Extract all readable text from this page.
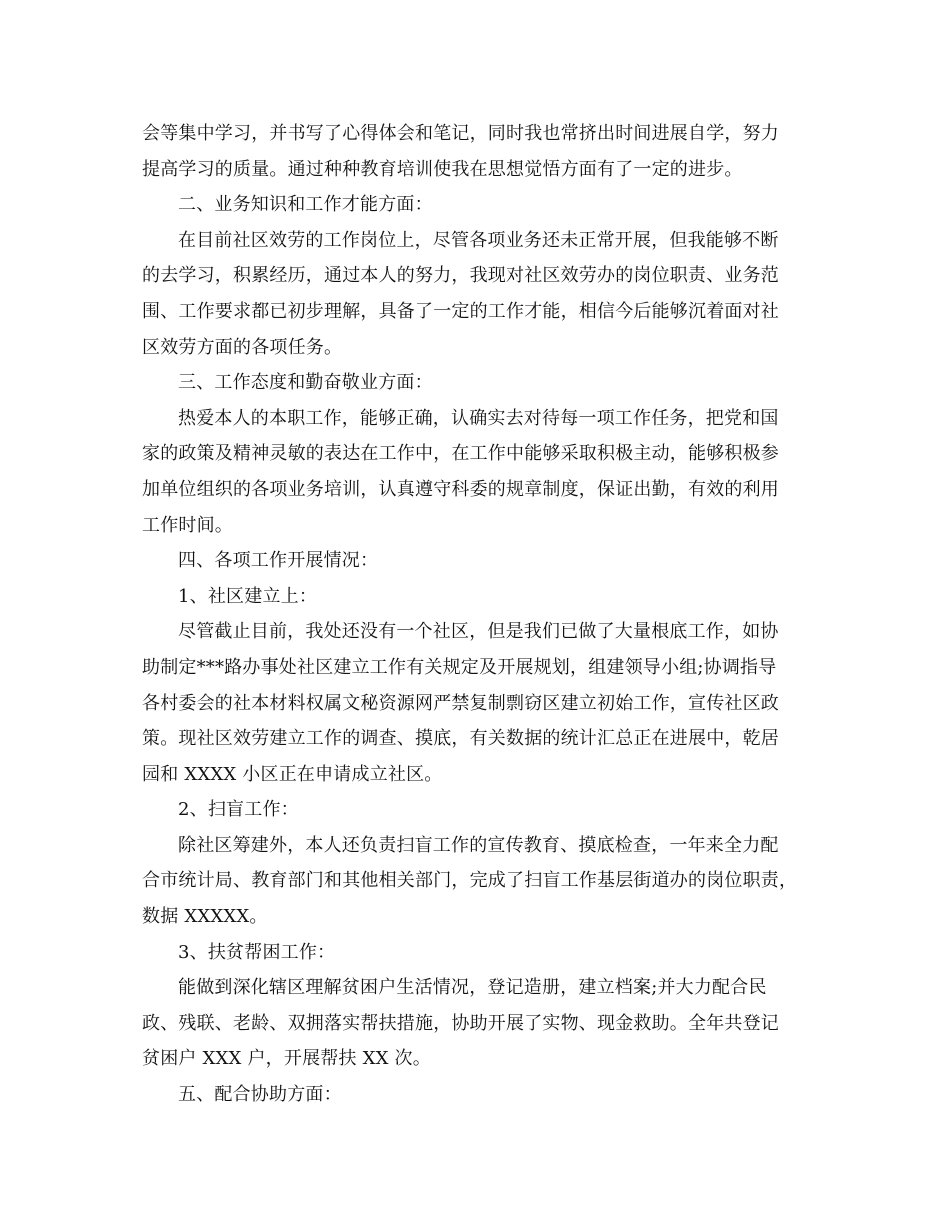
会等集中学习，并书写了心得体会和笔记，同时我也常挤出时间进展自学，努力
提高学习的质量。通过种种教育培训使我在思想觉悟方面有了一定的进步。
二、业务知识和工作才能方面：
在目前社区效劳的工作岗位上，尽管各项业务还未正常开展，但我能够不断
的去学习，积累经历，通过本人的努力，我现对社区效劳办的岗位职责、业务范
围、工作要求都已初步理解，具备了一定的工作才能，相信今后能够沉着面对社
区效劳方面的各项任务。
三、工作态度和勤奋敬业方面：
热爱本人的本职工作，能够正确，认确实去对待每一项工作任务，把党和国
家的政策及精神灵敏的表达在工作中，在工作中能够采取积极主动，能够积极参
加单位组织的各项业务培训，认真遵守科委的规章制度，保证出勤，有效的利用
工作时间。
四、各项工作开展情况：
1、社区建立上：
尽管截止目前，我处还没有一个社区，但是我们已做了大量根底工作，如协
助制定***路办事处社区建立工作有关规定及开展规划，组建领导小组;协调指导
各村委会的社本材料权属文秘资源网严禁复制剽窃区建立初始工作，宣传社区政
策。现社区效劳建立工作的调查、摸底，有关数据的统计汇总正在进展中，乾居
园和 XXXX 小区正在申请成立社区。
2、扫盲工作：
除社区筹建外，本人还负责扫盲工作的宣传教育、摸底检查，一年来全力配
合市统计局、教育部门和其他相关部门，完成了扫盲工作基层街道办的岗位职责，
数据 XXXXX。
3、扶贫帮困工作：
能做到深化辖区理解贫困户生活情况，登记造册，建立档案;并大力配合民
政、残联、老龄、双拥落实帮扶措施，协助开展了实物、现金救助。全年共登记
贫困户 XXX 户，开展帮扶 XX 次。
五、配合协助方面：
